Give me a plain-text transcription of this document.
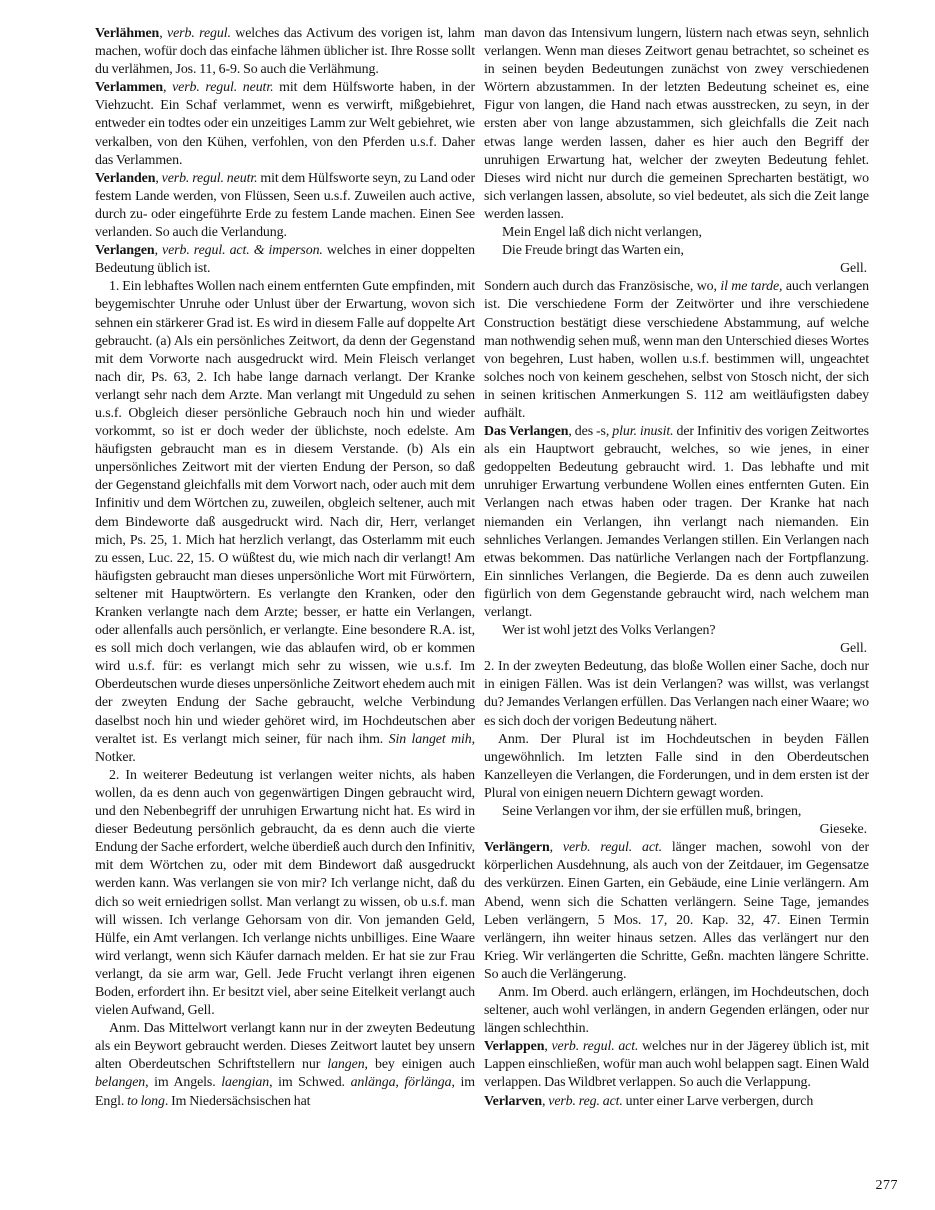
Verlähmen, verb. regul. welches das Activum des vorigen ist, lahm machen, wofür doch das einfache lähmen üblicher ist. Ihre Rosse sollt du verlähmen, Jos. 11, 6-9. So auch die Verlähmung.

Verlammen, verb. regul. neutr. mit dem Hülfsworte haben, in der Viehzucht. Ein Schaf verlammet, wenn es verwirft, mißgebiehret, entweder ein todtes oder ein unzeitiges Lamm zur Welt gebiehret, wie verkalben, von den Kühen, verfohlen, von den Pferden u.s.f. Daher das Verlammen.

Verlanden, verb. regul. neutr. mit dem Hülfsworte seyn, zu Land oder festem Lande werden, von Flüssen, Seen u.s.f. Zuweilen auch active, durch zu- oder eingeführte Erde zu festem Lande machen. Einen See verlanden. So auch die Verlandung.

Verlangen, verb. regul. act. & imperson. welches in einer doppelten Bedeutung üblich ist.

1. Ein lebhaftes Wollen nach einem entfernten Gute empfinden, mit beygemischter Unruhe oder Unlust über der Erwartung, wovon sich sehnen ein stärkerer Grad ist. Es wird in diesem Falle auf doppelte Art gebraucht. (a) Als ein persönliches Zeitwort, da denn der Gegenstand mit dem Vorworte nach ausgedruckt wird. Mein Fleisch verlanget nach dir, Ps. 63, 2. Ich habe lange darnach verlangt. Der Kranke verlangt sehr nach dem Arzte. Man verlangt mit Ungeduld zu sehen u.s.f. Obgleich dieser persönliche Gebrauch noch hin und wieder vorkommt, so ist er doch weder der üblichste, noch edelste. Am häufigsten gebraucht man es in diesem Verstande. (b) Als ein unpersönliches Zeitwort mit der vierten Endung der Person, so daß der Gegenstand gleichfalls mit dem Vorwort nach, oder auch mit dem Infinitiv und dem Wörtchen zu, zuweilen, obgleich seltener, auch mit dem Bindeworte daß ausgedruckt wird. Nach dir, Herr, verlanget mich, Ps. 25, 1. Mich hat herzlich verlangt, das Osterlamm mit euch zu essen, Luc. 22, 15. O wüßtest du, wie mich nach dir verlangt! Am häufigsten gebraucht man dieses unpersönliche Wort mit Fürwörtern, seltener mit Hauptwörtern. Es verlangte den Kranken, oder den Kranken verlangte nach dem Arzte; besser, er hatte ein Verlangen, oder allenfalls auch persönlich, er verlangte. Eine besondere R.A. ist, es soll mich doch verlangen, wie das ablaufen wird, ob er kommen wird u.s.f. für: es verlangt mich sehr zu wissen, wie u.s.f. Im Oberdeutschen wurde dieses unpersönliche Zeitwort ehedem auch mit der zweyten Endung der Sache gebraucht, welche Verbindung daselbst noch hin und wieder gehöret wird, im Hochdeutschen aber veraltet ist. Es verlangt mich seiner, für nach ihm. Sin langet mih, Notker.

2. In weiterer Bedeutung ist verlangen weiter nichts, als haben wollen, da es denn auch von gegenwärtigen Dingen gebraucht wird, und den Nebenbegriff der unruhigen Erwartung nicht hat. Es wird in dieser Bedeutung persönlich gebraucht, da es denn auch die vierte Endung der Sache erfordert, welche überdieß auch durch den Infinitiv, mit dem Wörtchen zu, oder mit dem Bindewort daß ausgedruckt werden kann. Was verlangen sie von mir? Ich verlange nicht, daß du dich so weit erniedrigen sollst. Man verlangt zu wissen, ob u.s.f. man will wissen. Ich verlange Gehorsam von dir. Von jemanden Geld, Hülfe, ein Amt verlangen. Ich verlange nichts unbilliges. Eine Waare wird verlangt, wenn sich Käufer darnach melden. Er hat sie zur Frau verlangt, da sie arm war, Gell. Jede Frucht verlangt ihren eigenen Boden, erfordert ihn. Er besitzt viel, aber seine Eitelkeit verlangt auch vielen Aufwand, Gell.

Anm. Das Mittelwort verlangt kann nur in der zweyten Bedeutung als ein Beywort gebraucht werden. Dieses Zeitwort lautet bey unsern alten Oberdeutschen Schriftstellern nur langen, bey einigen auch belangen, im Angels. laengian, im Schwed. anlänga, förlänga, im Engl. to long. Im Niedersächsischen hat

man davon das Intensivum lungern, lüstern nach etwas seyn, sehnlich verlangen. Wenn man dieses Zeitwort genau betrachtet, so scheinet es in seinen beyden Bedeutungen zunächst von zwey verschiedenen Wörtern abzustammen. In der letzten Bedeutung scheinet es, eine Figur von langen, die Hand nach etwas ausstrecken, zu seyn, in der ersten aber von lange abzustammen, sich gleichfalls die Zeit nach etwas lange werden lassen, daher es hier auch den Begriff der unruhigen Erwartung hat, welcher der zweyten Bedeutung fehlet. Dieses wird nicht nur durch die gemeinen Sprecharten bestätigt, wo sich verlangen lassen, absolute, so viel bedeutet, als sich die Zeit lange werden lassen.

Mein Engel laß dich nicht verlangen,

Die Freude bringt das Warten ein,

Gell.

Sondern auch durch das Französische, wo, il me tarde, auch verlangen ist. Die verschiedene Form der Zeitwörter und ihre verschiedene Construction bestätigt diese verschiedene Abstammung, auf welche man nothwendig sehen muß, wenn man den Unterschied dieses Wortes von begehren, Lust haben, wollen u.s.f. bestimmen will, ungeachtet solches noch von keinem geschehen, selbst von Stosch nicht, der sich in seinen kritischen Anmerkungen S. 112 am weitläufigsten dabey aufhält.

Das Verlangen, des -s, plur. inusit. der Infinitiv des vorigen Zeitwortes als ein Hauptwort gebraucht, welches, so wie jenes, in einer gedoppelten Bedeutung gebraucht wird. 1. Das lebhafte und mit unruhiger Erwartung verbundene Wollen eines entfernten Guten. Ein Verlangen nach etwas haben oder tragen. Der Kranke hat nach niemanden ein Verlangen, ihn verlangt nach niemanden. Ein sehnliches Verlangen. Jemandes Verlangen stillen. Ein Verlangen nach etwas bekommen. Das natürliche Verlangen nach der Fortpflanzung. Ein sinnliches Verlangen, die Begierde. Da es denn auch zuweilen figürlich von dem Gegenstande gebraucht wird, nach welchem man verlangt.

Wer ist wohl jetzt des Volks Verlangen?

Gell.

2. In der zweyten Bedeutung, das bloße Wollen einer Sache, doch nur in einigen Fällen. Was ist dein Verlangen? was willst, was verlangst du? Jemandes Verlangen erfüllen. Das Verlangen nach einer Waare; wo es sich doch der vorigen Bedeutung nähert.

Anm. Der Plural ist im Hochdeutschen in beyden Fällen ungewöhnlich. Im letzten Falle sind in den Oberdeutschen Kanzelleyen die Verlangen, die Forderungen, und in dem ersten ist der Plural von einigen neuern Dichtern gewagt worden.

Seine Verlangen vor ihm, der sie erfüllen muß, bringen,

Gieseke.

Verlängern, verb. regul. act. länger machen, sowohl von der körperlichen Ausdehnung, als auch von der Zeitdauer, im Gegensatze des verkürzen. Einen Garten, ein Gebäude, eine Linie verlängern. Am Abend, wenn sich die Schatten verlängern. Seine Tage, jemandes Leben verlängern, 5 Mos. 17, 20. Kap. 32, 47. Einen Termin verlängern, ihn weiter hinaus setzen. Alles das verlängert nur den Krieg. Wir verlängerten die Schritte, Geßn. machten längere Schritte. So auch die Verlängerung.

Anm. Im Oberd. auch erlängern, erlängen, im Hochdeutschen, doch seltener, auch wohl verlängen, in andern Gegenden erlängen, oder nur längen schlechthin.

Verlappen, verb. regul. act. welches nur in der Jägerey üblich ist, mit Lappen einschließen, wofür man auch wohl belappen sagt. Einen Wald verlappen. Das Wildbret verlappen. So auch die Verlappung.

Verlarven, verb. reg. act. unter einer Larve verbergen, durch

277
